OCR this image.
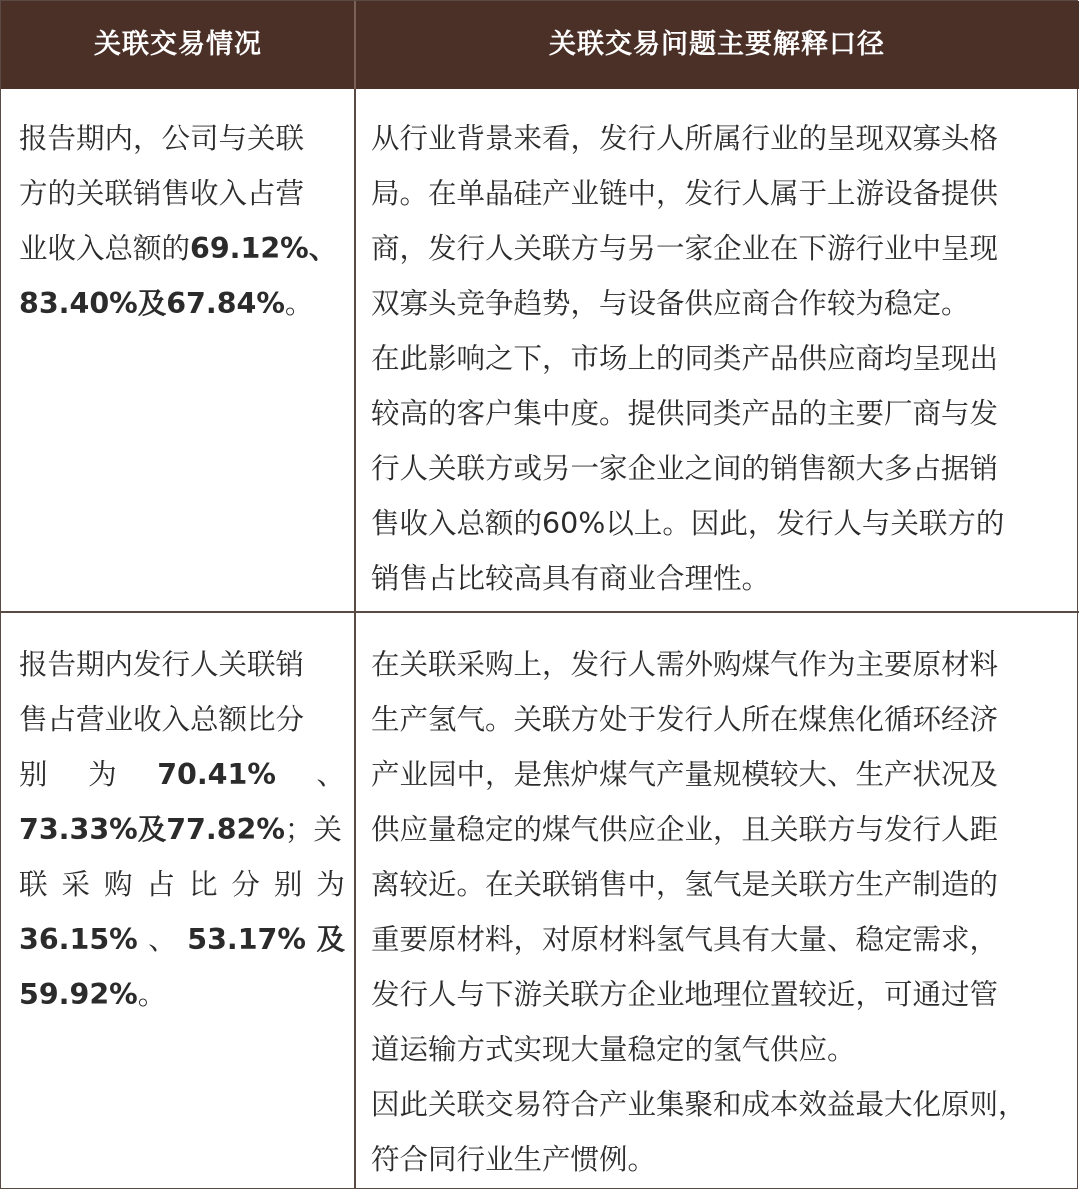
关联交易情况	关联交易问题主要解释口径
报告期内，公司与关联
方的关联销售收入占营
业收入总额的69.12%、
83.40%及67.84%。
从行业背景来看，发行人所属行业的呈现双寡头格
局。在单晶硅产业链中，发行人属于上游设备提供
商，发行人关联方与另一家企业在下游行业中呈现
双寡头竞争趋势，与设备供应商合作较为稳定。
在此影响之下，市场上的同类产品供应商均呈现出
较高的客户集中度。提供同类产品的主要厂商与发
行人关联方或另一家企业之间的销售额大多占据销
售收入总额的60%以上。因此，发行人与关联方的
销售占比较高具有商业合理性。
报告期内发行人关联销
售占营业收入总额比分
别 为 70.41% 、
73.33%及77.82%；关
联 采 购 占 比 分 别 为
36.15% 、 53.17% 及
59.92%。
在关联采购上，发行人需外购煤气作为主要原材料
生产氢气。关联方处于发行人所在煤焦化循环经济
产业园中，是焦炉煤气产量规模较大、生产状况及
供应量稳定的煤气供应企业，且关联方与发行人距
离较近。在关联销售中，氢气是关联方生产制造的
重要原材料，对原材料氢气具有大量、稳定需求，
发行人与下游关联方企业地理位置较近，可通过管
道运输方式实现大量稳定的氢气供应。
因此关联交易符合产业集聚和成本效益最大化原则，
符合同行业生产惯例。
